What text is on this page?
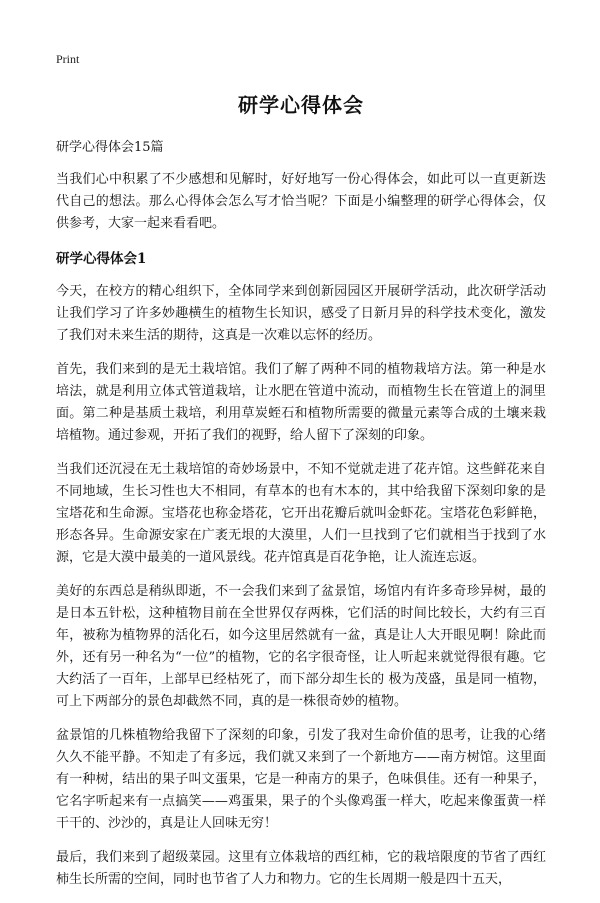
Print
研学心得体会
研学心得体会15篇

当我们心中积累了不少感想和见解时，好好地写一份心得体会，如此可以一直更新迭代自己的想法。那么心得体会怎么写才恰当呢？下面是小编整理的研学心得体会，仅供参考，大家一起来看看吧。

研学心得体会1

今天，在校方的精心组织下，全体同学来到创新园园区开展研学活动，此次研学活动让我们学习了许多妙趣横生的植物生长知识，感受了日新月异的科学技术变化，激发了我们对未来生活的期待，这真是一次难以忘怀的经历。

首先，我们来到的是无土栽培馆。我们了解了两种不同的植物栽培方法。第一种是水培法，就是利用立体式管道栽培，让水肥在管道中流动，而植物生长在管道上的洞里面。第二种是基质土栽培，利用草炭蛭石和植物所需要的微量元素等合成的土壤来栽培植物。通过参观，开拓了我们的视野，给人留下了深刻的印象。

当我们还沉浸在无土栽培馆的奇妙场景中，不知不觉就走进了花卉馆。这些鲜花来自不同地域，生长习性也大不相同，有草本的也有木本的，其中给我留下深刻印象的是宝塔花和生命源。宝塔花也称金塔花，它开出花瓣后就叫金虾花。宝塔花色彩鲜艳，形态各异。生命源安家在广袤无垠的大漠里，人们一旦找到了它们就相当于找到了水源，它是大漠中最美的一道风景线。花卉馆真是百花争艳，让人流连忘返。

美好的东西总是稍纵即逝，不一会我们来到了盆景馆，场馆内有许多奇珍异树，最的是日本五针松，这种植物目前在全世界仅存两株，它们活的时间比较长，大约有三百年，被称为植物界的活化石，如今这里居然就有一盆，真是让人大开眼见啊！除此而外，还有另一种名为“一位”的植物，它的名字很奇怪，让人听起来就觉得很有趣。它大约活了一百年，上部早已经枯死了，而下部分却生长的 极为茂盛，虽是同一植物，可上下两部分的景色却截然不同，真的是一株很奇妙的植物。

盆景馆的几株植物给我留下了深刻的印象，引发了我对生命价值的思考，让我的心绪久久不能平静。不知走了有多远，我们就又来到了一个新地方——南方树馆。这里面有一种树，结出的果子叫文蛋果，它是一种南方的果子，色味俱佳。还有一种果子，它名字听起来有一点搞笑——鸡蛋果，果子的个头像鸡蛋一样大，吃起来像蛋黄一样干干的、沙沙的，真是让人回味无穷！

最后，我们来到了超级菜园。这里有立体栽培的西红柿，它的栽培限度的节省了西红柿生长所需的空间，同时也节省了人力和物力。它的生长周期一般是四十五天，
